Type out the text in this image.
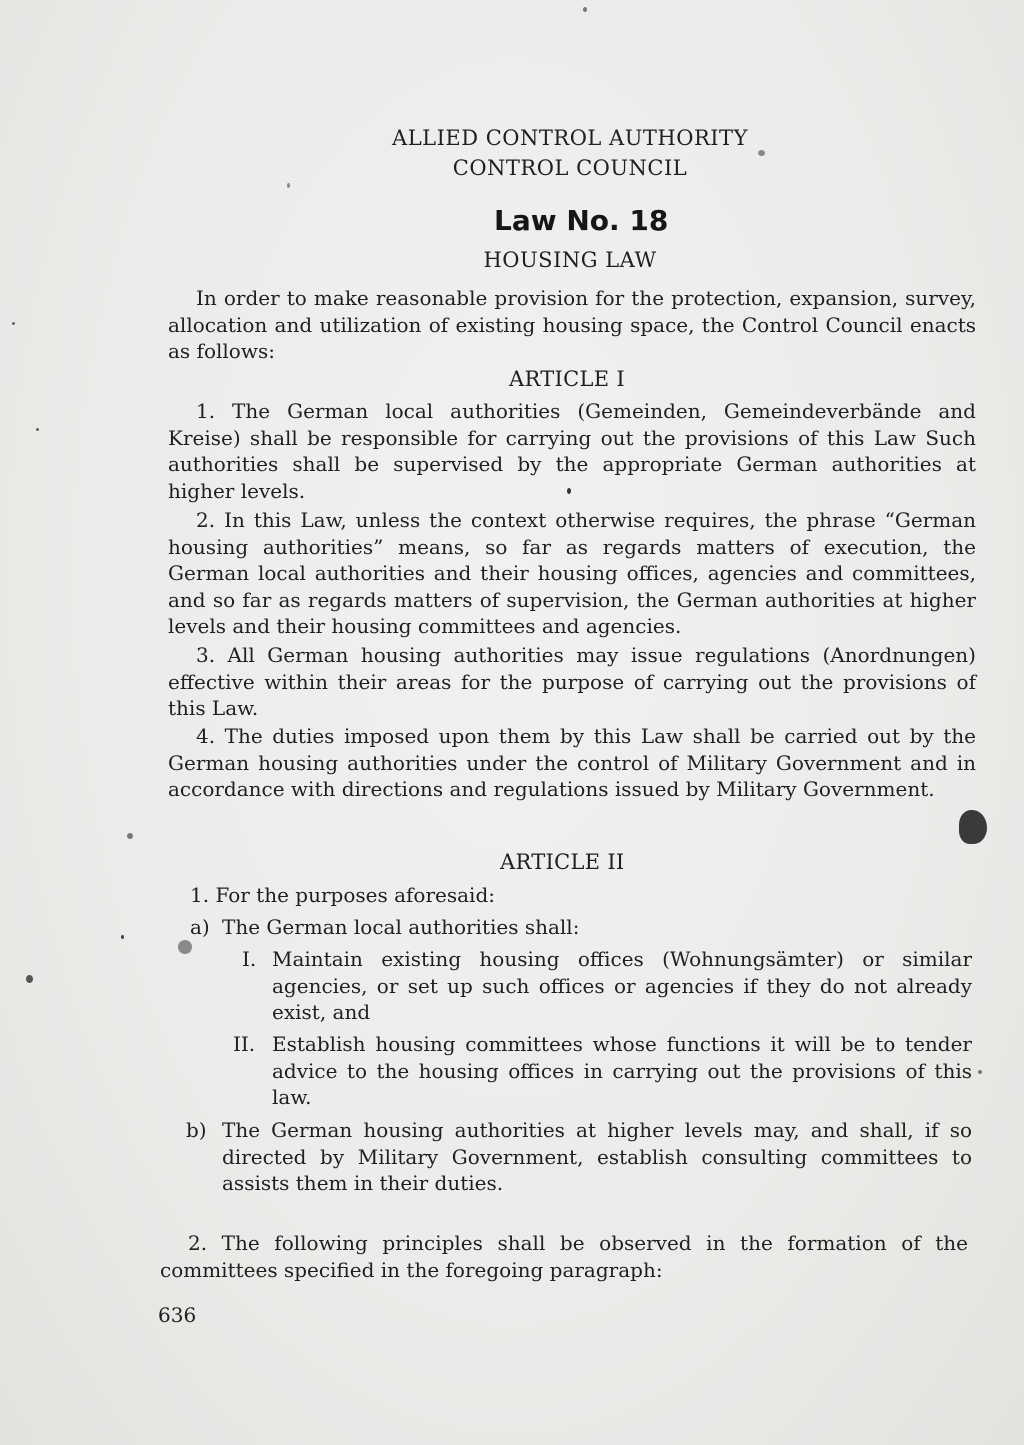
ALLIED CONTROL AUTHORITY
CONTROL COUNCIL
Law No. 18
HOUSING LAW
In order to make reasonable provision for the protection, expansion, survey, allocation and utilization of existing housing space, the Control Council enacts as follows:
ARTICLE I
1. The German local authorities (Gemeinden, Gemeindeverbände and Kreise) shall be responsible for carrying out the provisions of this Law Such authorities shall be supervised by the appropriate German authorities at higher levels.
2. In this Law, unless the context otherwise requires, the phrase “German housing authorities” means, so far as regards matters of execution, the German local authorities and their housing offices, agencies and committees, and so far as regards matters of supervision, the German authorities at higher levels and their housing committees and agencies.
3. All German housing authorities may issue regulations (Anordnungen) effective within their areas for the purpose of carrying out the provisions of this Law.
4. The duties imposed upon them by this Law shall be carried out by the German housing authorities under the control of Military Government and in accordance with directions and regulations issued by Military Government.
ARTICLE II
1. For the purposes aforesaid:
a) The German local authorities shall:
I. Maintain existing housing offices (Wohnungsämter) or similar agencies, or set up such offices or agencies if they do not already exist, and
II. Establish housing committees whose functions it will be to tender advice to the housing offices in carrying out the provisions of this law.
b) The German housing authorities at higher levels may, and shall, if so directed by Military Government, establish consulting committees to assists them in their duties.
2. The following principles shall be observed in the formation of the committees specified in the foregoing paragraph:
636
